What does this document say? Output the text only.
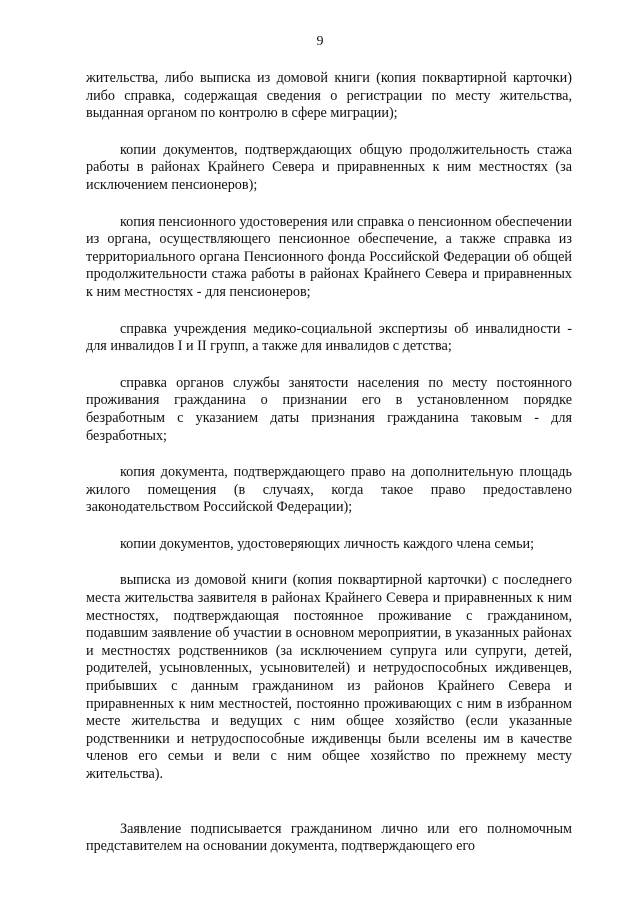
9

жительства, либо выписка из домовой книги (копия поквартирной карточки) либо справка, содержащая сведения о регистрации по месту жительства, выданная органом по контролю в сфере миграции);

копии документов, подтверждающих общую продолжительность стажа работы в районах Крайнего Севера и приравненных к ним местностях (за исключением пенсионеров);

копия пенсионного удостоверения или справка о пенсионном обеспечении из органа, осуществляющего пенсионное обеспечение, а также справка из территориального органа Пенсионного фонда Российской Федерации об общей продолжительности стажа работы в районах Крайнего Севера и приравненных к ним местностях - для пенсионеров;

справка учреждения медико-социальной экспертизы об инвалидности - для инвалидов I и II групп, а также для инвалидов с детства;

справка органов службы занятости населения по месту постоянного проживания гражданина о признании его в установленном порядке безработным с указанием даты признания гражданина таковым - для безработных;

копия документа, подтверждающего право на дополнительную площадь жилого помещения (в случаях, когда такое право предоставлено законодательством Российской Федерации);

копии документов, удостоверяющих личность каждого члена семьи;

выписка из домовой книги (копия поквартирной карточки) с последнего места жительства заявителя в районах Крайнего Севера и приравненных к ним местностях, подтверждающая постоянное проживание с гражданином, подавшим заявление об участии в основном мероприятии, в указанных районах и местностях родственников (за исключением супруга или супруги, детей, родителей, усыновленных, усыновителей) и нетрудоспособных иждивенцев, прибывших с данным гражданином из районов Крайнего Севера и приравненных к ним местностей, постоянно проживающих с ним в избранном месте жительства и ведущих с ним общее хозяйство (если указанные родственники и нетрудоспособные иждивенцы были вселены им в качестве членов его семьи и вели с ним общее хозяйство по прежнему месту жительства).

Заявление подписывается гражданином лично или его полномочным представителем на основании документа, подтверждающего его
